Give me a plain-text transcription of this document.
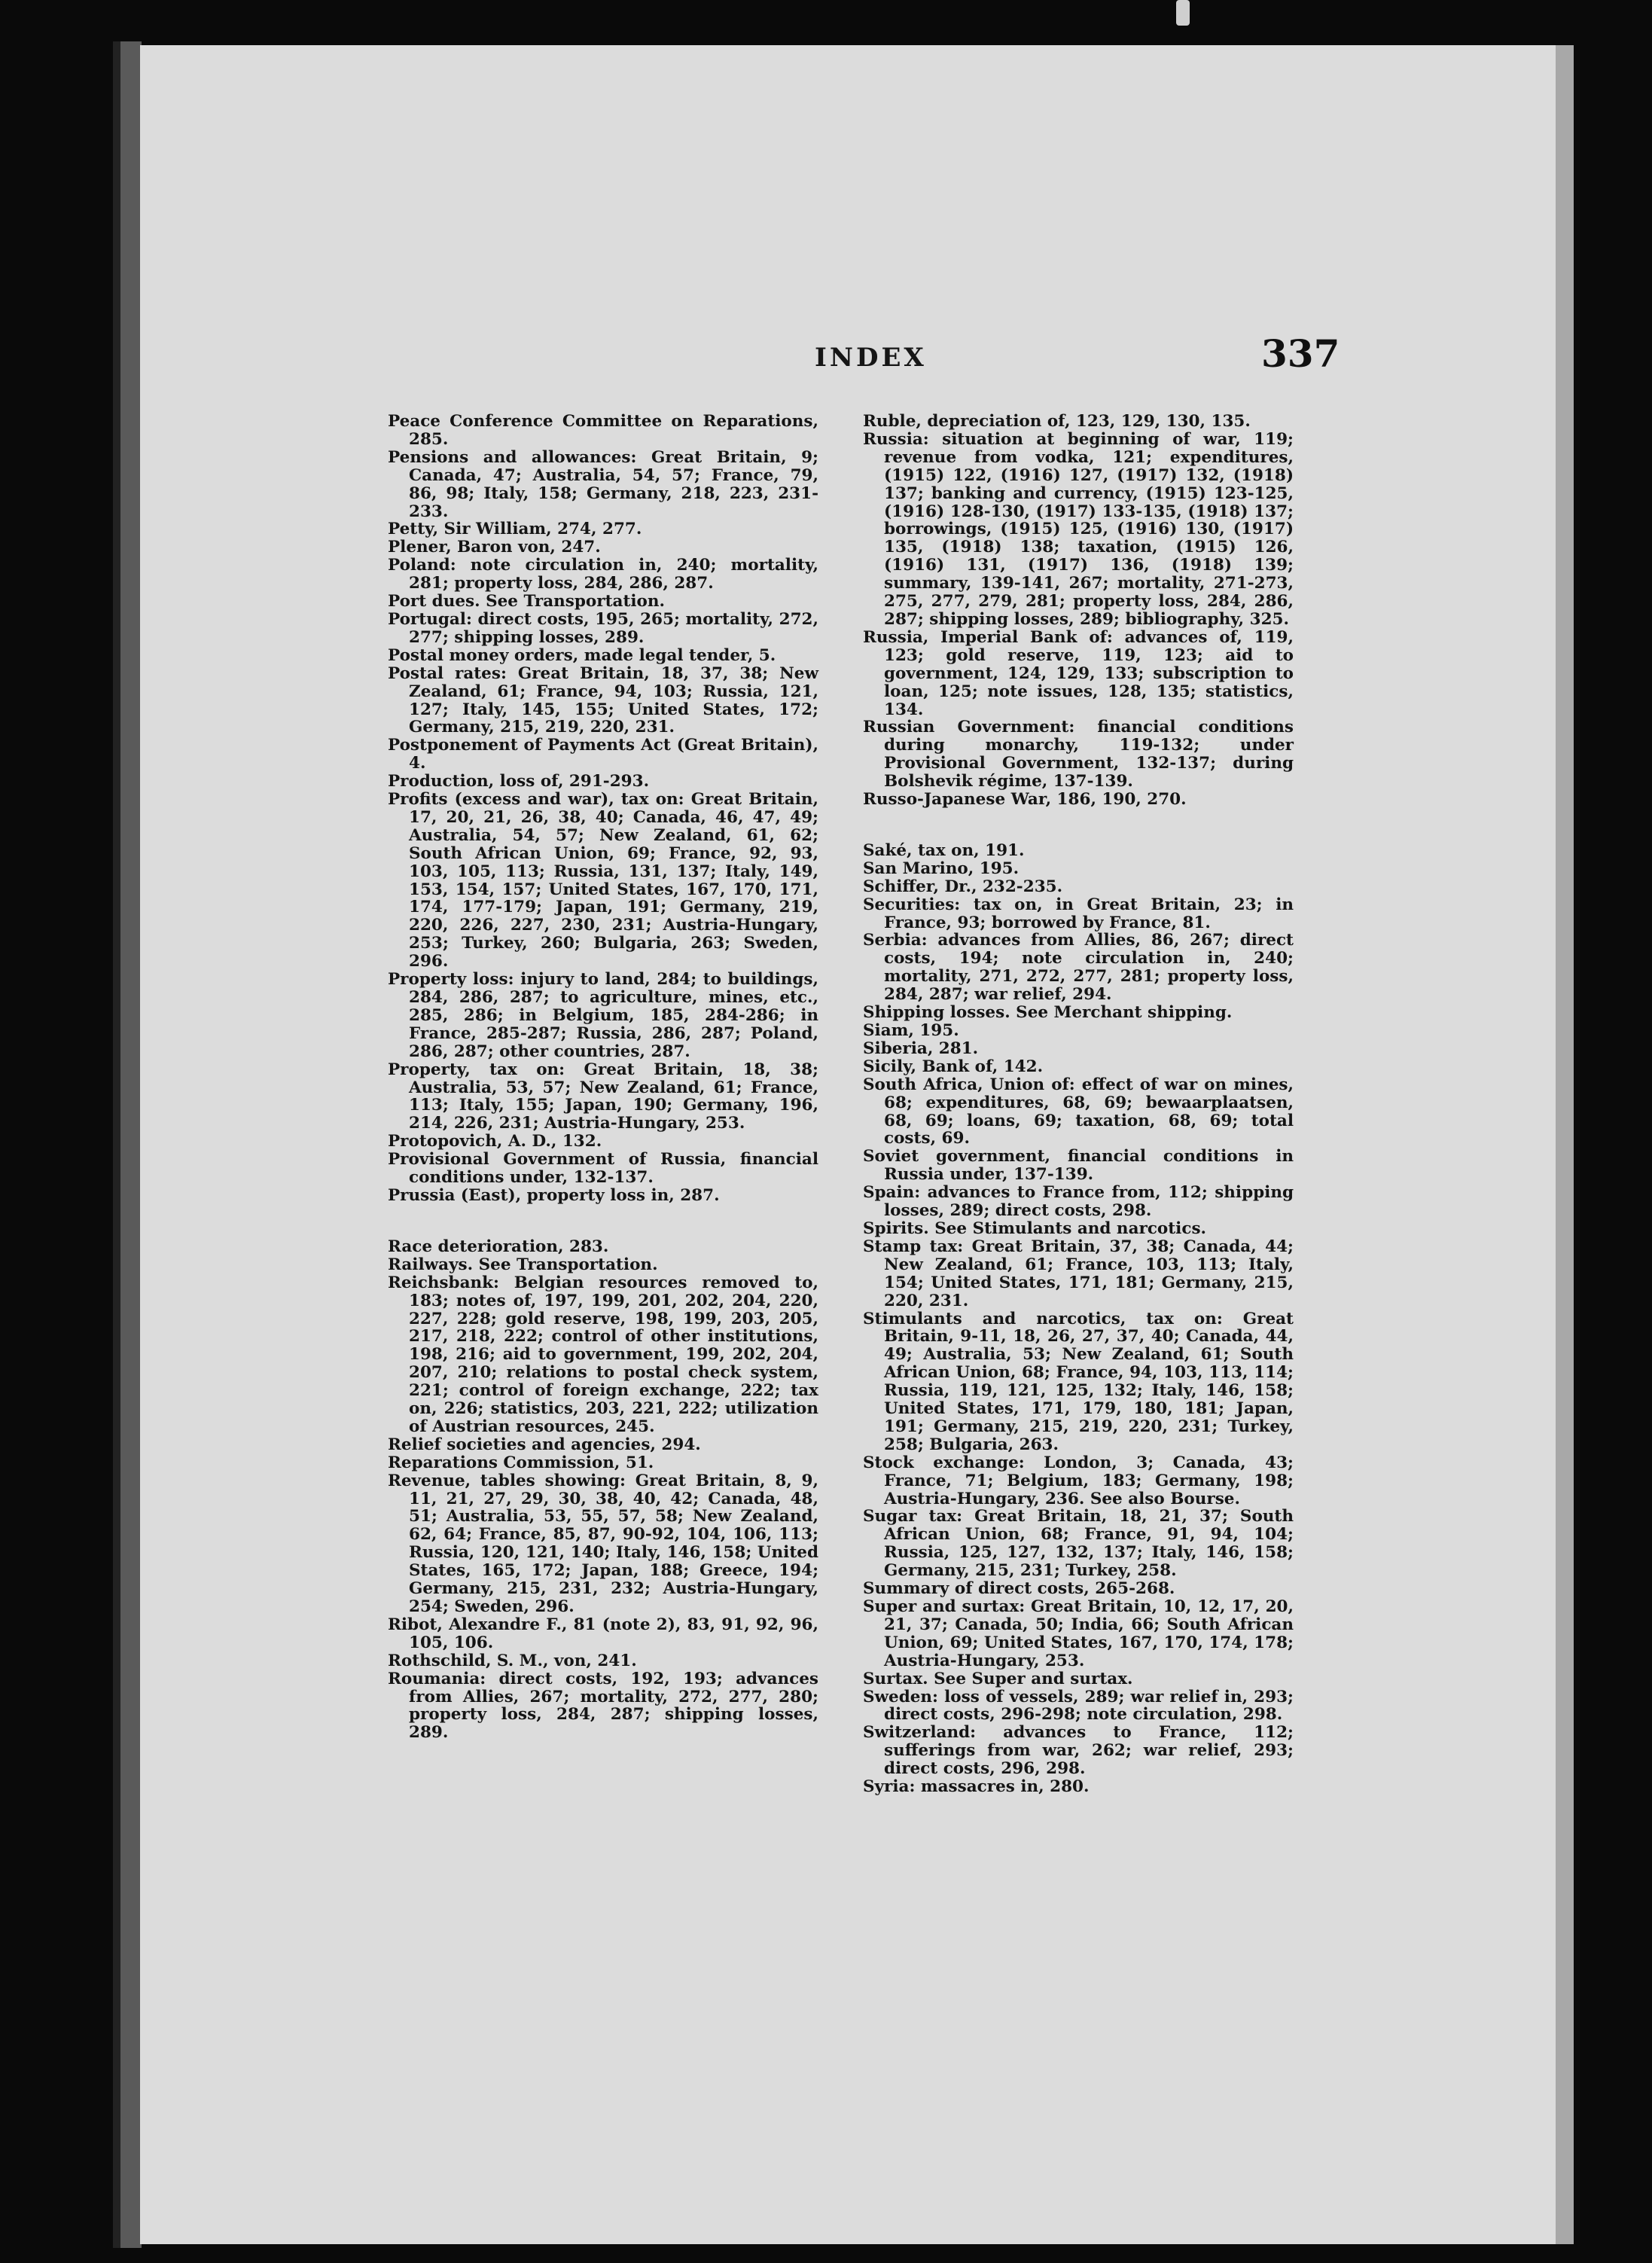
INDEX	337
Peace Conference Committee on Reparations, 285.
Pensions and allowances: Great Britain, 9; Canada, 47; Australia, 54, 57; France, 79, 86, 98; Italy, 158; Germany, 218, 223, 231-233.
Petty, Sir William, 274, 277.
Plener, Baron von, 247.
Poland: note circulation in, 240; mortality, 281; property loss, 284, 286, 287.
Port dues. See Transportation.
Portugal: direct costs, 195, 265; mortality, 272, 277; shipping losses, 289.
Postal money orders, made legal tender, 5.
Postal rates: Great Britain, 18, 37, 38; New Zealand, 61; France, 94, 103; Russia, 121, 127; Italy, 145, 155; United States, 172; Germany, 215, 219, 220, 231.
Postponement of Payments Act (Great Britain), 4.
Production, loss of, 291-293.
Profits (excess and war), tax on: Great Britain, 17, 20, 21, 26, 38, 40; Canada, 46, 47, 49; Australia, 54, 57; New Zealand, 61, 62; South African Union, 69; France, 92, 93, 103, 105, 113; Russia, 131, 137; Italy, 149, 153, 154, 157; United States, 167, 170, 171, 174, 177-179; Japan, 191; Germany, 219, 220, 226, 227, 230, 231; Austria-Hungary, 253; Turkey, 260; Bulgaria, 263; Sweden, 296.
Property loss: injury to land, 284; to buildings, 284, 286, 287; to agriculture, mines, etc., 285, 286; in Belgium, 185, 284-286; in France, 285-287; Russia, 286, 287; Poland, 286, 287; other countries, 287.
Property, tax on: Great Britain, 18, 38; Australia, 53, 57; New Zealand, 61; France, 113; Italy, 155; Japan, 190; Germany, 196, 214, 226, 231; Austria-Hungary, 253.
Protopovich, A. D., 132.
Provisional Government of Russia, financial conditions under, 132-137.
Prussia (East), property loss in, 287.
Race deterioration, 283.
Railways. See Transportation.
Reichsbank: Belgian resources removed to, 183; notes of, 197, 199, 201, 202, 204, 220, 227, 228; gold reserve, 198, 199, 203, 205, 217, 218, 222; control of other institutions, 198, 216; aid to government, 199, 202, 204, 207, 210; relations to postal check system, 221; control of foreign exchange, 222; tax on, 226; statistics, 203, 221, 222; utilization of Austrian resources, 245.
Relief societies and agencies, 294.
Reparations Commission, 51.
Revenue, tables showing: Great Britain, 8, 9, 11, 21, 27, 29, 30, 38, 40, 42; Canada, 48, 51; Australia, 53, 55, 57, 58; New Zealand, 62, 64; France, 85, 87, 90-92, 104, 106, 113; Russia, 120, 121, 140; Italy, 146, 158; United States, 165, 172; Japan, 188; Greece, 194; Germany, 215, 231, 232; Austria-Hungary, 254; Sweden, 296.
Ribot, Alexandre F., 81 (note 2), 83, 91, 92, 96, 105, 106.
Rothschild, S. M., von, 241.
Roumania: direct costs, 192, 193; advances from Allies, 267; mortality, 272, 277, 280; property loss, 284, 287; shipping losses, 289.
Ruble, depreciation of, 123, 129, 130, 135.
Russia: situation at beginning of war, 119; revenue from vodka, 121; expenditures, (1915) 122, (1916) 127, (1917) 132, (1918) 137; banking and currency, (1915) 123-125, (1916) 128-130, (1917) 133-135, (1918) 137; borrowings, (1915) 125, (1916) 130, (1917) 135, (1918) 138; taxation, (1915) 126, (1916) 131, (1917) 136, (1918) 139; summary, 139-141, 267; mortality, 271-273, 275, 277, 279, 281; property loss, 284, 286, 287; shipping losses, 289; bibliography, 325.
Russia, Imperial Bank of: advances of, 119, 123; gold reserve, 119, 123; aid to government, 124, 129, 133; subscription to loan, 125; note issues, 128, 135; statistics, 134.
Russian Government: financial conditions during monarchy, 119-132; under Provisional Government, 132-137; during Bolshevik régime, 137-139.
Russo-Japanese War, 186, 190, 270.
Saké, tax on, 191.
San Marino, 195.
Schiffer, Dr., 232-235.
Securities: tax on, in Great Britain, 23; in France, 93; borrowed by France, 81.
Serbia: advances from Allies, 86, 267; direct costs, 194; note circulation in, 240; mortality, 271, 272, 277, 281; property loss, 284, 287; war relief, 294.
Shipping losses. See Merchant shipping.
Siam, 195.
Siberia, 281.
Sicily, Bank of, 142.
South Africa, Union of: effect of war on mines, 68; expenditures, 68, 69; bewaarplaatsen, 68, 69; loans, 69; taxation, 68, 69; total costs, 69.
Soviet government, financial conditions in Russia under, 137-139.
Spain: advances to France from, 112; shipping losses, 289; direct costs, 298.
Spirits. See Stimulants and narcotics.
Stamp tax: Great Britain, 37, 38; Canada, 44; New Zealand, 61; France, 103, 113; Italy, 154; United States, 171, 181; Germany, 215, 220, 231.
Stimulants and narcotics, tax on: Great Britain, 9-11, 18, 26, 27, 37, 40; Canada, 44, 49; Australia, 53; New Zealand, 61; South African Union, 68; France, 94, 103, 113, 114; Russia, 119, 121, 125, 132; Italy, 146, 158; United States, 171, 179, 180, 181; Japan, 191; Germany, 215, 219, 220, 231; Turkey, 258; Bulgaria, 263.
Stock exchange: London, 3; Canada, 43; France, 71; Belgium, 183; Germany, 198; Austria-Hungary, 236. See also Bourse.
Sugar tax: Great Britain, 18, 21, 37; South African Union, 68; France, 91, 94, 104; Russia, 125, 127, 132, 137; Italy, 146, 158; Germany, 215, 231; Turkey, 258.
Summary of direct costs, 265-268.
Super and surtax: Great Britain, 10, 12, 17, 20, 21, 37; Canada, 50; India, 66; South African Union, 69; United States, 167, 170, 174, 178; Austria-Hungary, 253.
Surtax. See Super and surtax.
Sweden: loss of vessels, 289; war relief in, 293; direct costs, 296-298; note circulation, 298.
Switzerland: advances to France, 112; sufferings from war, 262; war relief, 293; direct costs, 296, 298.
Syria: massacres in, 280.
